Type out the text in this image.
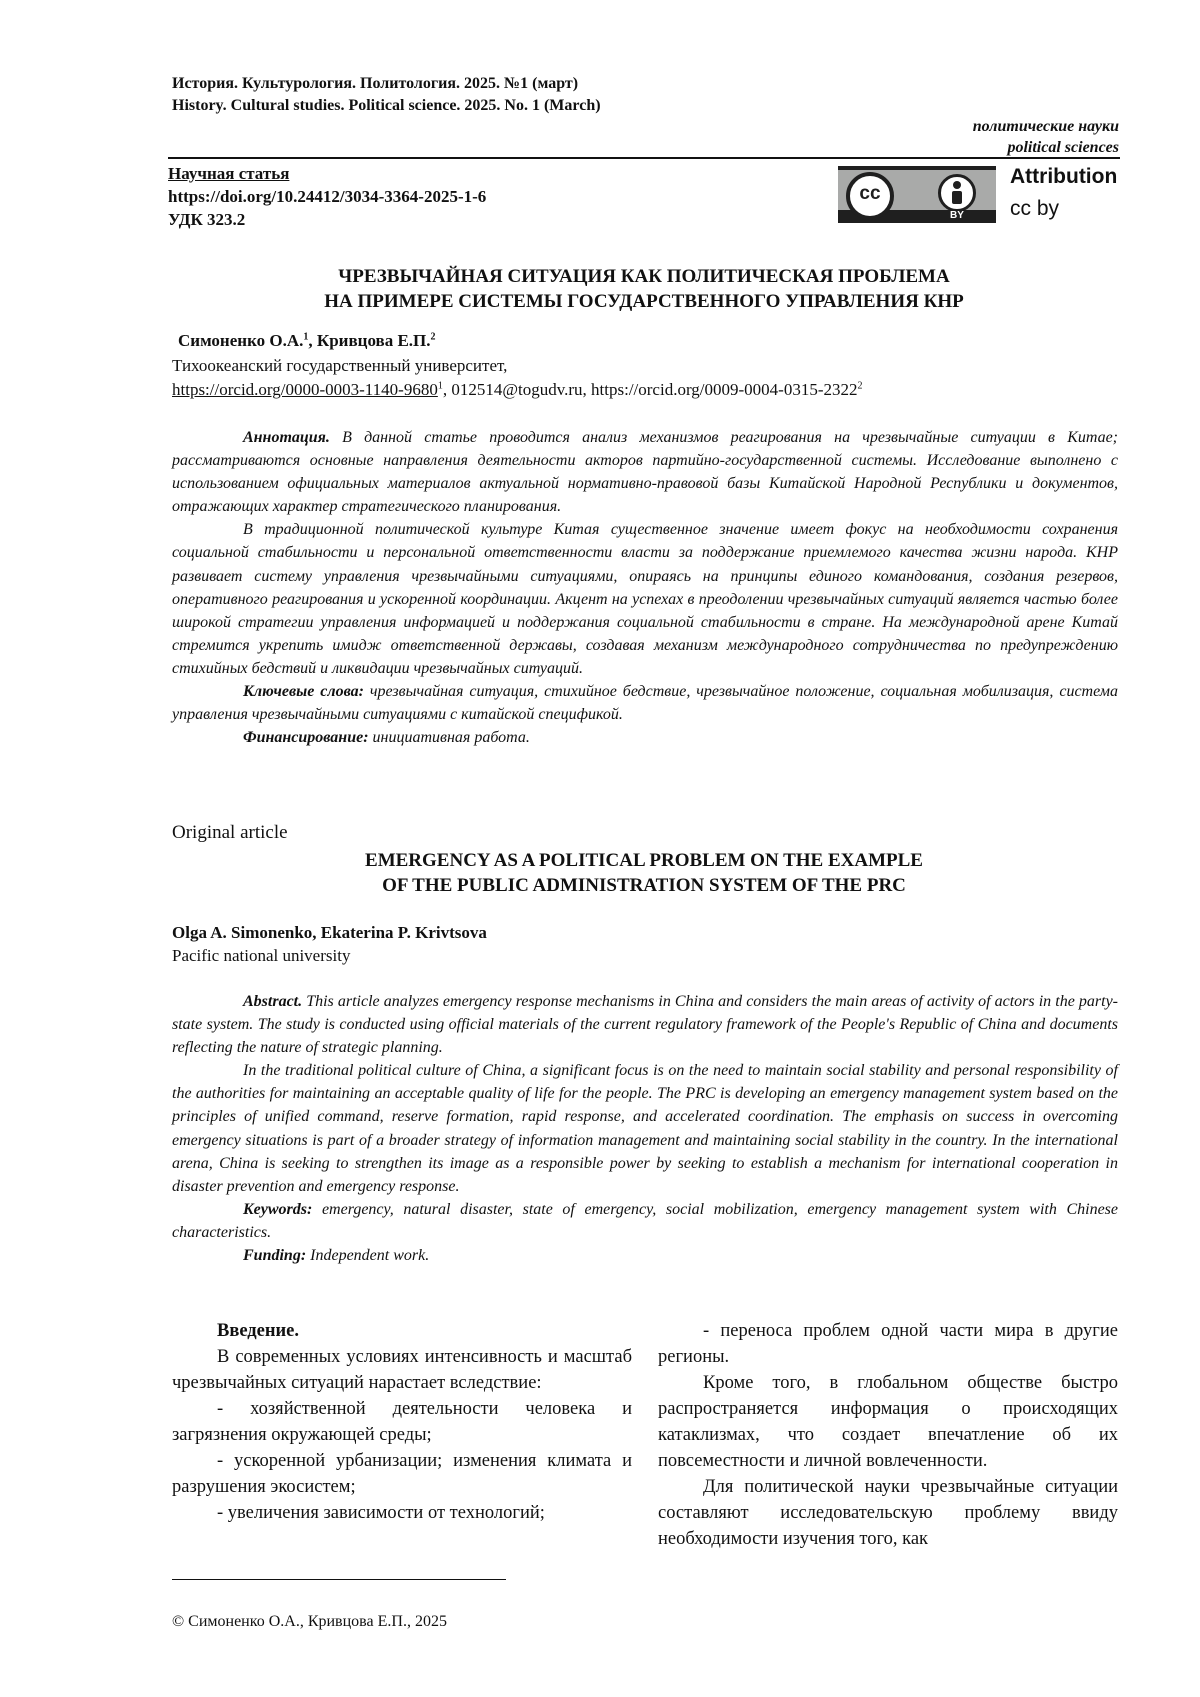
История. Культурология. Политология. 2025. №1 (март)
History. Cultural studies. Political science. 2025. No. 1 (March)
политические науки
political sciences
Научная статья
https://doi.org/10.24412/3034-3364-2025-1-6
УДК 323.2
cc
BY
Attribution
cc by
ЧРЕЗВЫЧАЙНАЯ СИТУАЦИЯ КАК ПОЛИТИЧЕСКАЯ ПРОБЛЕМА
НА ПРИМЕРЕ СИСТЕМЫ ГОСУДАРСТВЕННОГО УПРАВЛЕНИЯ КНР
Симоненко О.А.$^1$, Кривцова Е.П.$^2$
Тихоокеанский государственный университет,
https://orcid.org/0000-0003-1140-9680$^1$, 012514@togudv.ru, https://orcid.org/0009-0004-0315-2322$^2$

Аннотация. В данной статье проводится анализ механизмов реагирования на чрезвычайные ситуации в Китае; рассматриваются основные направления деятельности акторов партийно-государственной системы. Исследование выполнено с использованием официальных материалов актуальной нормативно-правовой базы Китайской Народной Республики и документов, отражающих характер стратегического планирования.

В традиционной политической культуре Китая существенное значение имеет фокус на необходимости сохранения социальной стабильности и персональной ответственности власти за поддержание приемлемого качества жизни народа. КНР развивает систему управления чрезвычайными ситуациями, опираясь на принципы единого командования, создания резервов, оперативного реагирования и ускоренной координации. Акцент на успехах в преодолении чрезвычайных ситуаций является частью более широкой стратегии управления информацией и поддержания социальной стабильности в стране. На международной арене Китай стремится укрепить имидж ответственной державы, создавая механизм международного сотрудничества по предупреждению стихийных бедствий и ликвидации чрезвычайных ситуаций.

Ключевые слова: чрезвычайная ситуация, стихийное бедствие, чрезвычайное положение, социальная мобилизация, система управления чрезвычайными ситуациями с китайской спецификой.

Финансирование: инициативная работа.

Original article
EMERGENCY AS A POLITICAL PROBLEM ON THE EXAMPLE
OF THE PUBLIC ADMINISTRATION SYSTEM OF THE PRC
Olga A. Simonenko, Ekaterina P. Krivtsova
Pacific national university

Abstract. This article analyzes emergency response mechanisms in China and considers the main areas of activity of actors in the party-state system. The study is conducted using official materials of the current regulatory framework of the People's Republic of China and documents reflecting the nature of strategic planning.

In the traditional political culture of China, a significant focus is on the need to maintain social stability and personal responsibility of the authorities for maintaining an acceptable quality of life for the people. The PRC is developing an emergency management system based on the principles of unified command, reserve formation, rapid response, and accelerated coordination. The emphasis on success in overcoming emergency situations is part of a broader strategy of information management and maintaining social stability in the country. In the international arena, China is seeking to strengthen its image as a responsible power by seeking to establish a mechanism for international cooperation in disaster prevention and emergency response.

Keywords: emergency, natural disaster, state of emergency, social mobilization, emergency management system with Chinese characteristics.

Funding: Independent work.

Введение.

В современных условиях интенсивность и масштаб чрезвычайных ситуаций нарастает вследствие:

- хозяйственной деятельности человека и загрязнения окружающей среды;

- ускоренной урбанизации; изменения климата и разрушения экосистем;

- увеличения зависимости от технологий;

- переноса проблем одной части мира в другие регионы.

Кроме того, в глобальном обществе быстро распространяется информация о происходящих катаклизмах, что создает впечатление об их повсеместности и личной вовлеченности.

Для политической науки чрезвычайные ситуации составляют исследовательскую проблему ввиду необходимости изучения того, как

© Симоненко О.А., Кривцова Е.П., 2025
